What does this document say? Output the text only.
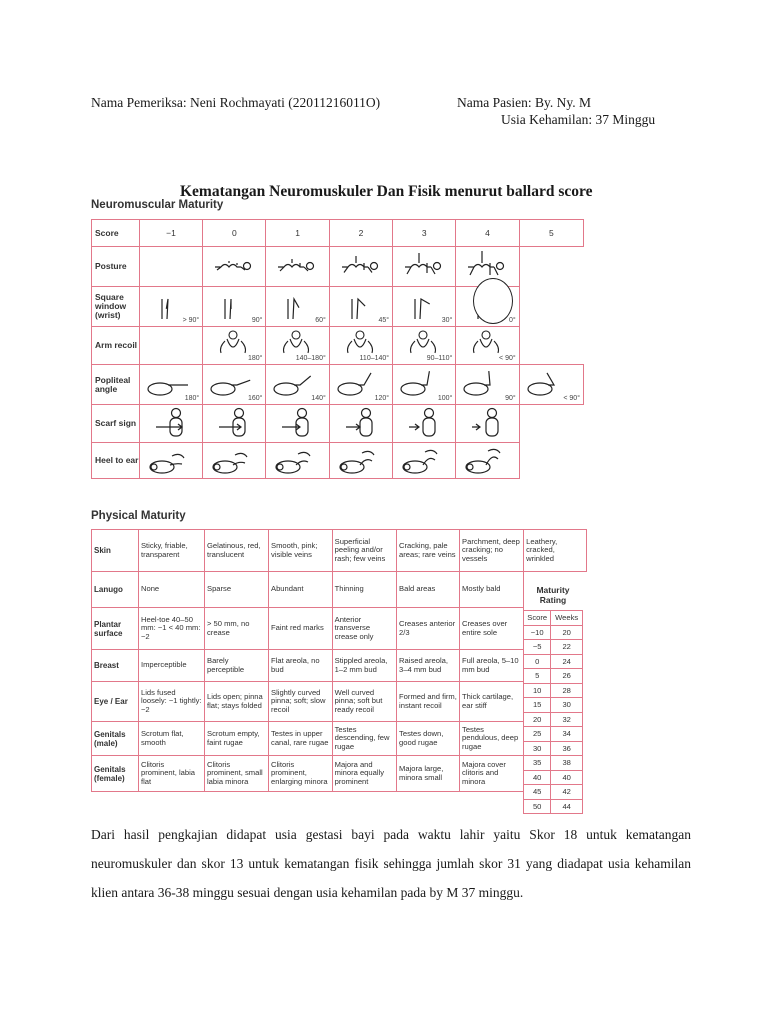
Nama Pemeriksa: Neni Rochmayati (22011216011O)	Nama Pasien: By. Ny. M
Usia Kehamilan: 37 Minggu
Kematangan Neuromuskuler Dan Fisik menurut ballard score
Neuromuscular Maturity
Score	−1	0	1	2	3	4	5
Posture	

Square window (wrist)	> 90°	90°	60°	45°	30°	0°	

Arm recoil		180°	140–180°	110–140°	90–110°	< 90°	

Popliteal angle	180°	160°	140°	120°	100°	90°	< 90°

Scarf sign	

Heel to ear	

Physical Maturity
Skin	Sticky, friable, transparent	Gelatinous, red, translucent	Smooth, pink; visible veins	Superficial peeling and/or rash; few veins	Cracking, pale areas; rare veins	Parchment, deep cracking; no vessels	Leathery, cracked, wrinkled
Lanugo	None	Sparse	Abundant	Thinning	Bald areas	Mostly bald	
Plantar surface	Heel-toe 40–50 mm: −1 < 40 mm: −2	> 50 mm, no crease	Faint red marks	Anterior transverse crease only	Creases anterior 2/3	Creases over entire sole	
Breast	Imperceptible	Barely perceptible	Flat areola, no bud	Stippled areola, 1–2 mm bud	Raised areola, 3–4 mm bud	Full areola, 5–10 mm bud	
Eye / Ear	Lids fused loosely: −1 tightly: −2	Lids open; pinna flat; stays folded	Slightly curved pinna; soft; slow recoil	Well curved pinna; soft but ready recoil	Formed and firm, instant recoil	Thick cartilage, ear stiff	
Genitals (male)	Scrotum flat, smooth	Scrotum empty, faint rugae	Testes in upper canal, rare rugae	Testes descending, few rugae	Testes down, good rugae	Testes pendulous, deep rugae	
Genitals (female)	Clitoris prominent, labia flat	Clitoris prominent, small labia minora	Clitoris prominent, enlarging minora	Majora and minora equally prominent	Majora large, minora small	Majora cover clitoris and minora	
Maturity Rating
Score	Weeks
−10	20
−5	22
0	24
5	26
10	28
15	30
20	32
25	34
30	36
35	38
40	40
45	42
50	44
Dari hasil pengkajian didapat usia gestasi bayi pada waktu lahir yaitu Skor 18 untuk kematangan neuromuskuler dan skor 13 untuk kematangan fisik sehingga jumlah skor 31 yang diadapat usia kehamilan klien antara 36-38 minggu sesuai dengan usia kehamilan pada by M 37 minggu.
